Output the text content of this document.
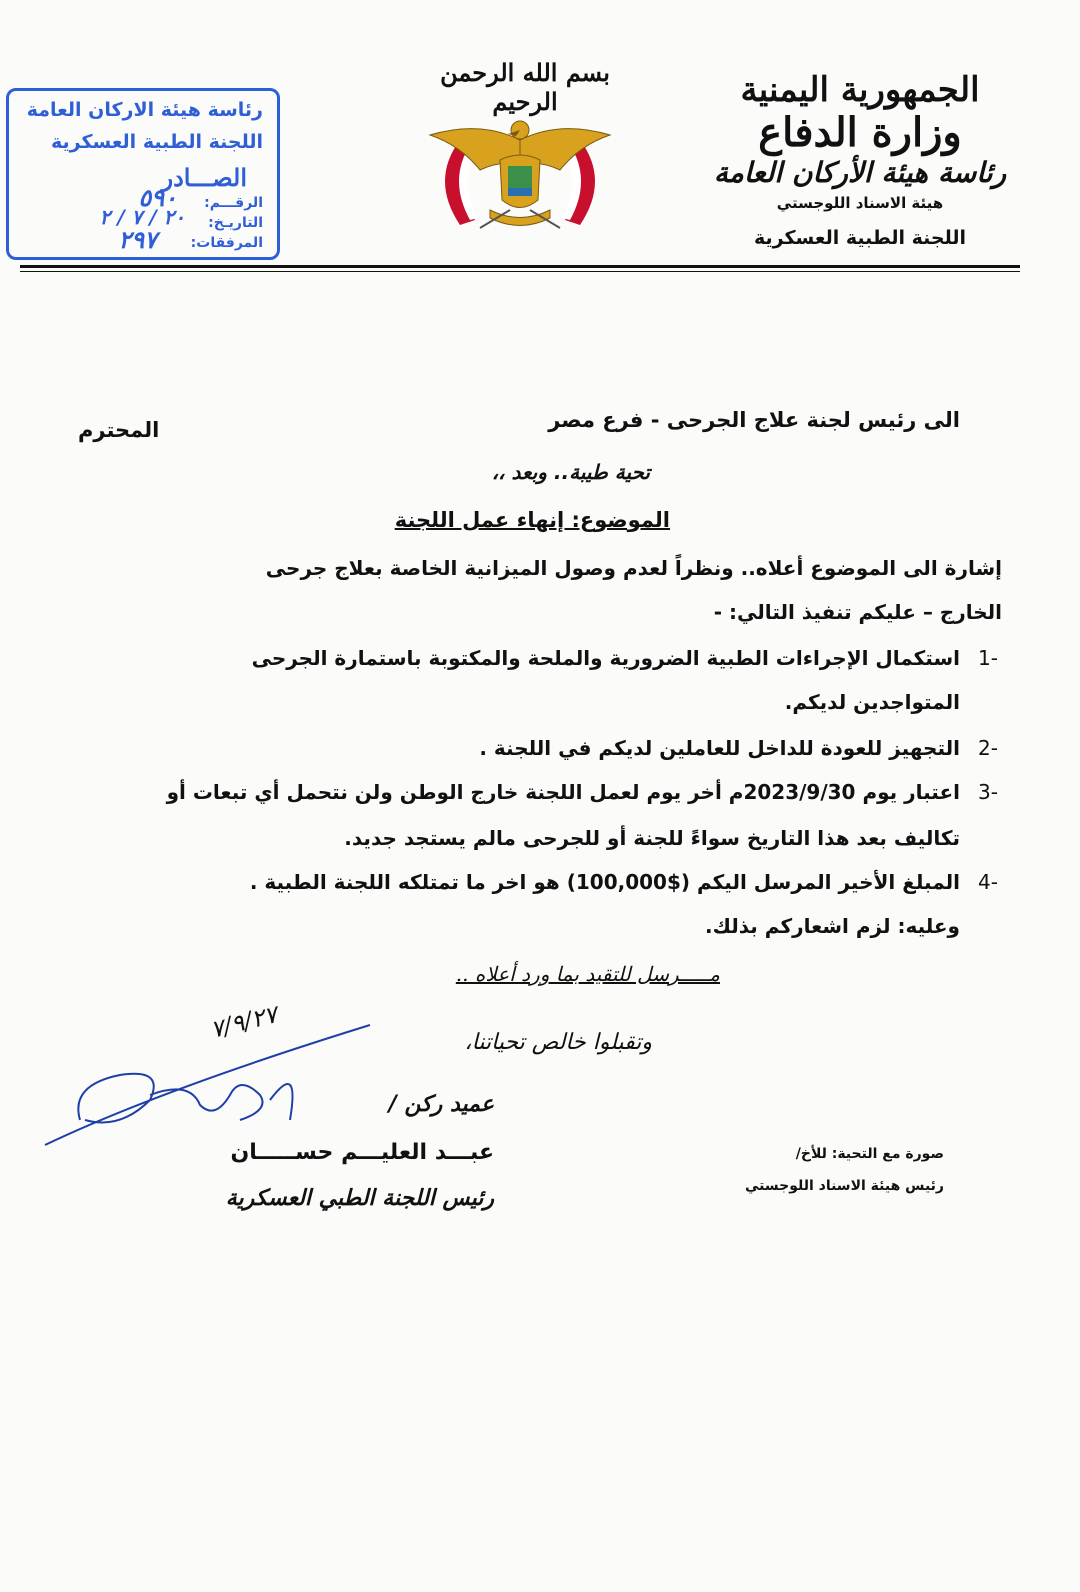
الجمهورية اليمنية
وزارة الدفاع
رئاسة هيئة الأركان العامة
هيئة الاسناد اللوجستي
اللجنة الطبية العسكرية
بسم الله الرحمن الرحيم
رئاسة هيئة الاركان العامة
اللجنة الطبية العسكرية
الصـــادر
الرقـــم:
التاريـخ:
المرفقات:
٥٩٠
٢٠ / ٧ / ٢
٢٩٧
الى رئيس لجنة علاج الجرحى - فرع مصر
المحترم
تحية طيبة.. وبعد ،،
الموضوع: إنهاء عمل اللجنة
إشارة الى الموضوع أعلاه.. ونظراً لعدم وصول الميزانية الخاصة بعلاج جرحى
الخارج – عليكم تنفيذ التالي: -
-1
استكمال الإجراءات الطبية الضرورية والملحة والمكتوبة باستمارة الجرحى
المتواجدين لديكم.
-2
التجهيز للعودة للداخل للعاملين لديكم في اللجنة .
-3
اعتبار يوم 2023/9/30م أخر يوم لعمل اللجنة خارج الوطن ولن نتحمل أي تبعات أو
تكاليف بعد هذا التاريخ سواءً للجنة أو للجرحى مالم يستجد جديد.
-4
المبلغ الأخير المرسل اليكم ($100,000) هو اخر ما تمتلكه اللجنة الطبية .
وعليه: لزم اشعاركم بذلك.
مـــــرسل للتقيد بما ورد أعلاه ..
٧/٩/٢٧	وتقبلوا خالص تحياتنا،
عميد ركن /
عبـــد العليـــم حســـــان
رئيس اللجنة الطبي العسكرية
صورة مع التحية: للأخ/
رئيس هيئة الاسناد اللوجستي
